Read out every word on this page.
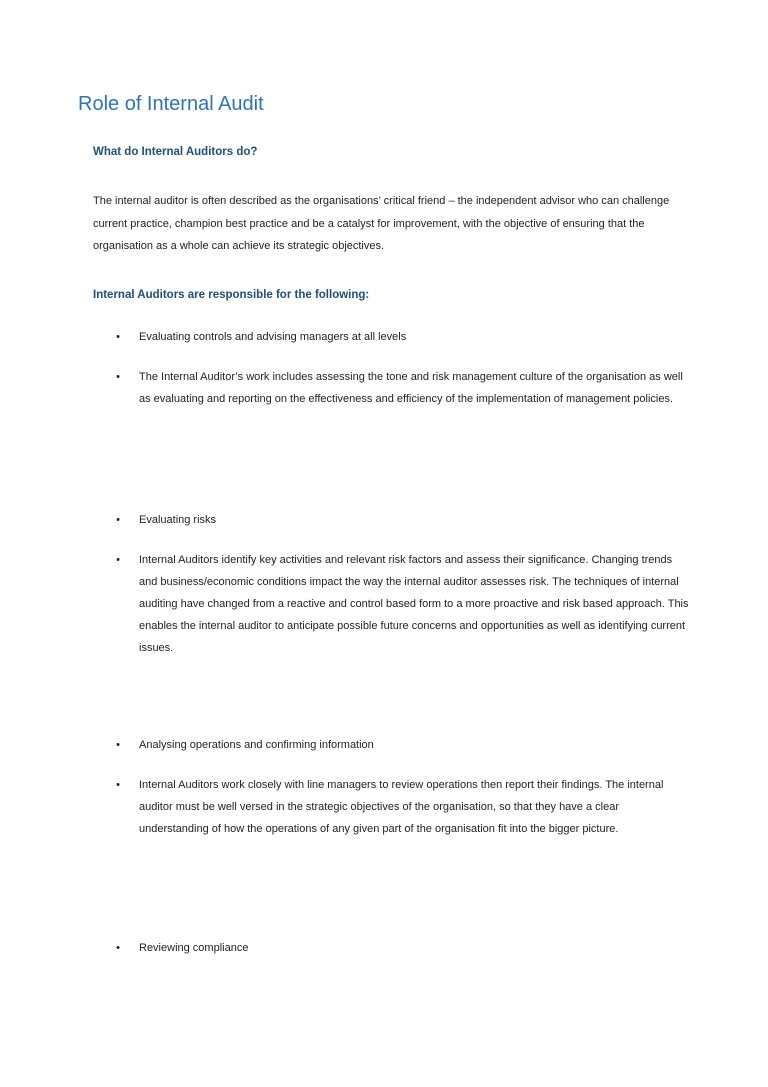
Role of Internal Audit
What do Internal Auditors do?

The internal auditor is often described as the organisations’ critical friend – the independent advisor who can challenge current practice, champion best practice and be a catalyst for improvement, with the objective of ensuring that the organisation as a whole can achieve its strategic objectives.

Internal Auditors are responsible for the following:
•	Evaluating controls and advising managers at all levels
•	The Internal Auditor’s work includes assessing the tone and risk management culture of the organisation as well as evaluating and reporting on the effectiveness and efficiency of the implementation of management policies.
•	Evaluating risks
•	Internal Auditors identify key activities and relevant risk factors and assess their significance. Changing trends and business/economic conditions impact the way the internal auditor assesses risk. The techniques of internal auditing have changed from a reactive and control based form to a more proactive and risk based approach. This enables the internal auditor to anticipate possible future concerns and opportunities as well as identifying current issues.
•	Analysing operations and confirming information
•	Internal Auditors work closely with line managers to review operations then report their findings. The internal auditor must be well versed in the strategic objectives of the organisation, so that they have a clear understanding of how the operations of any given part of the organisation fit into the bigger picture.
•	Reviewing compliance
